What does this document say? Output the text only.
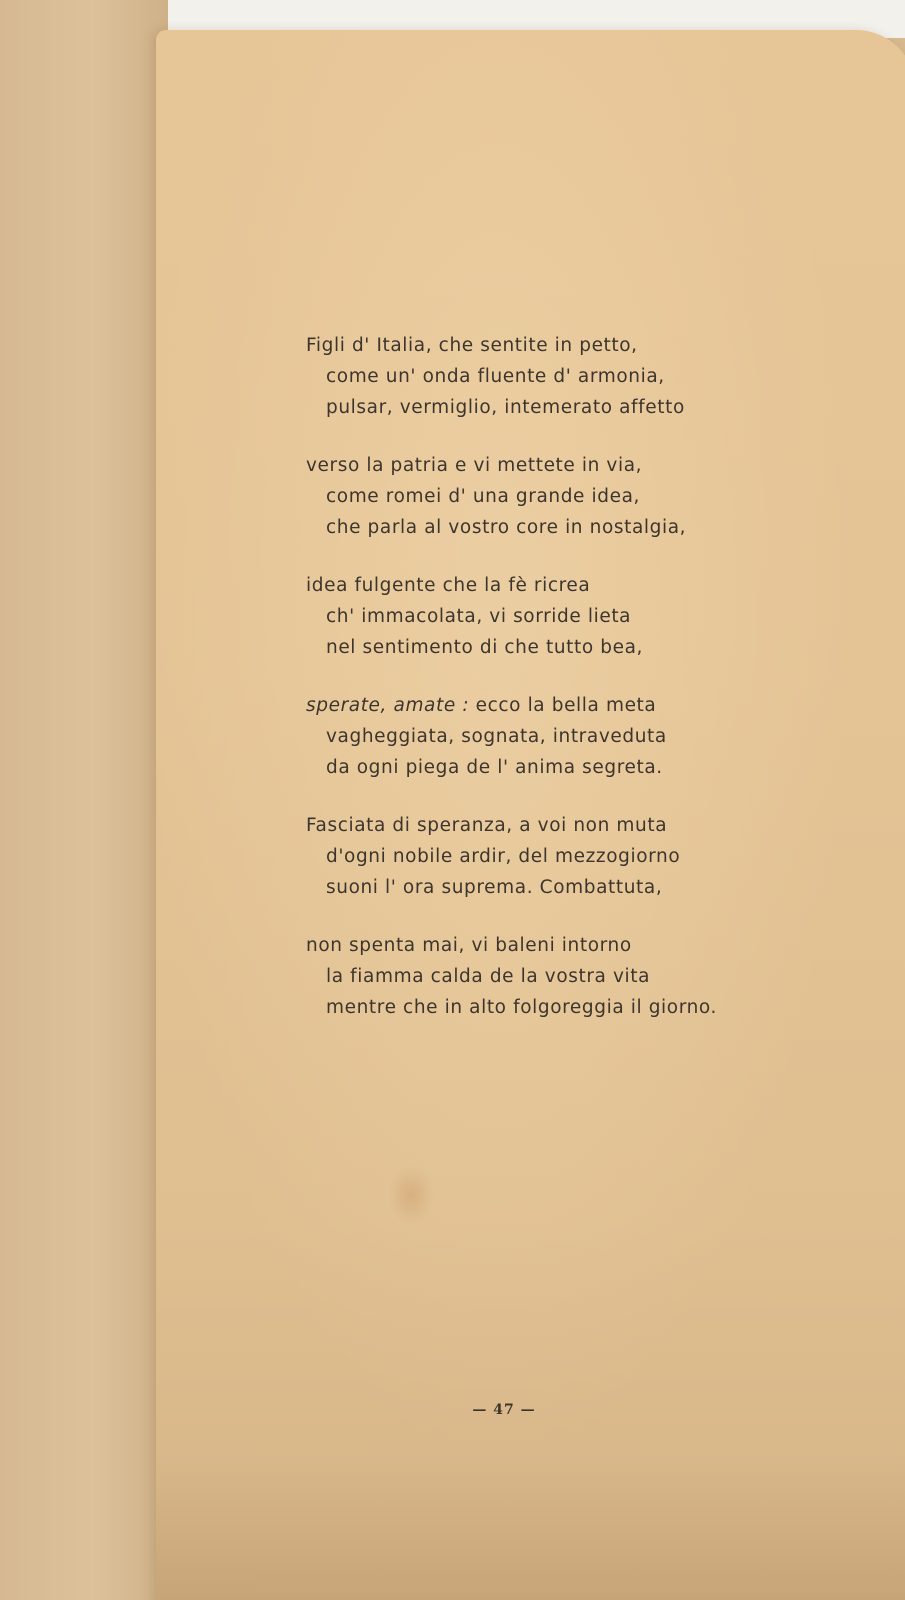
Figli d' Italia, che sentite in petto,
come un' onda fluente d' armonia,
pulsar, vermiglio, intemerato affetto
verso la patria e vi mettete in via,
come romei d' una grande idea,
che parla al vostro core in nostalgia,
idea fulgente che la fè ricrea
ch' immacolata, vi sorride lieta
nel sentimento di che tutto bea,
sperate, amate : ecco la bella meta
vagheggiata, sognata, intraveduta
da ogni piega de l' anima segreta.
Fasciata di speranza, a voi non muta
d'ogni nobile ardir, del mezzogiorno
suoni l' ora suprema. Combattuta,
non spenta mai, vi baleni intorno
la fiamma calda de la vostra vita
mentre che in alto folgoreggia il giorno.
— 47 —
